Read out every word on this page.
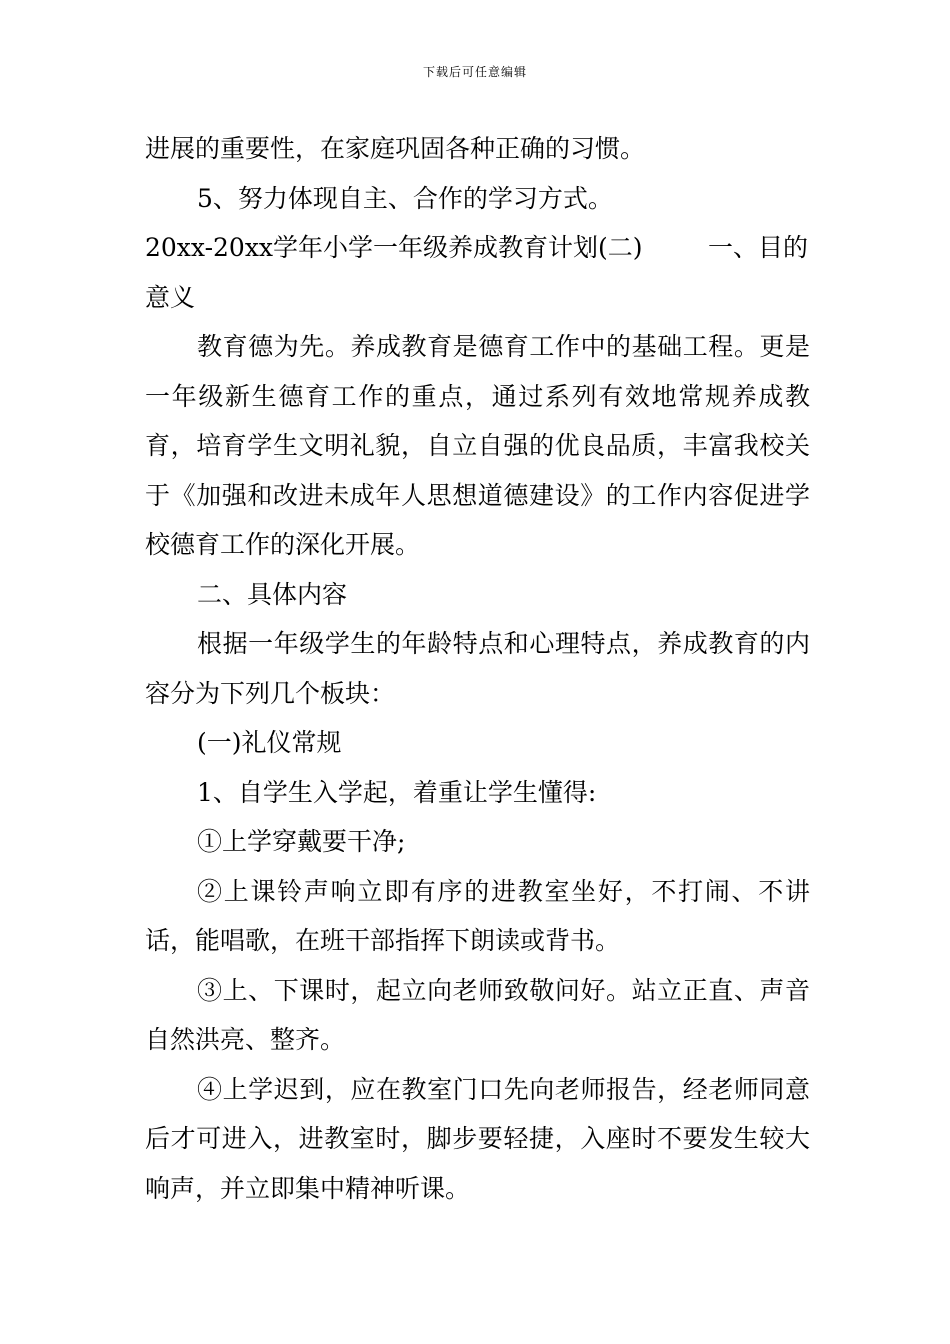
下载后可任意编辑

进展的重要性，在家庭巩固各种正确的习惯。

5、努力体现自主、合作的学习方式。

20xx-20xx学年小学一年级养成教育计划(二)	一、目的

意义

教育德为先。养成教育是德育工作中的基础工程。更是一年级新生德育工作的重点，通过系列有效地常规养成教育，培育学生文明礼貌，自立自强的优良品质，丰富我校关于《加强和改进未成年人思想道德建设》的工作内容促进学校德育工作的深化开展。

二、具体内容

根据一年级学生的年龄特点和心理特点，养成教育的内容分为下列几个板块：

(一)礼仪常规

1、自学生入学起，着重让学生懂得:

①上学穿戴要干净;

②上课铃声响立即有序的进教室坐好，不打闹、不讲话，能唱歌，在班干部指挥下朗读或背书。

③上、下课时，起立向老师致敬问好。站立正直、声音自然洪亮、整齐。

④上学迟到，应在教室门口先向老师报告，经老师同意后才可进入，进教室时，脚步要轻捷，入座时不要发生较大响声，并立即集中精神听课。
